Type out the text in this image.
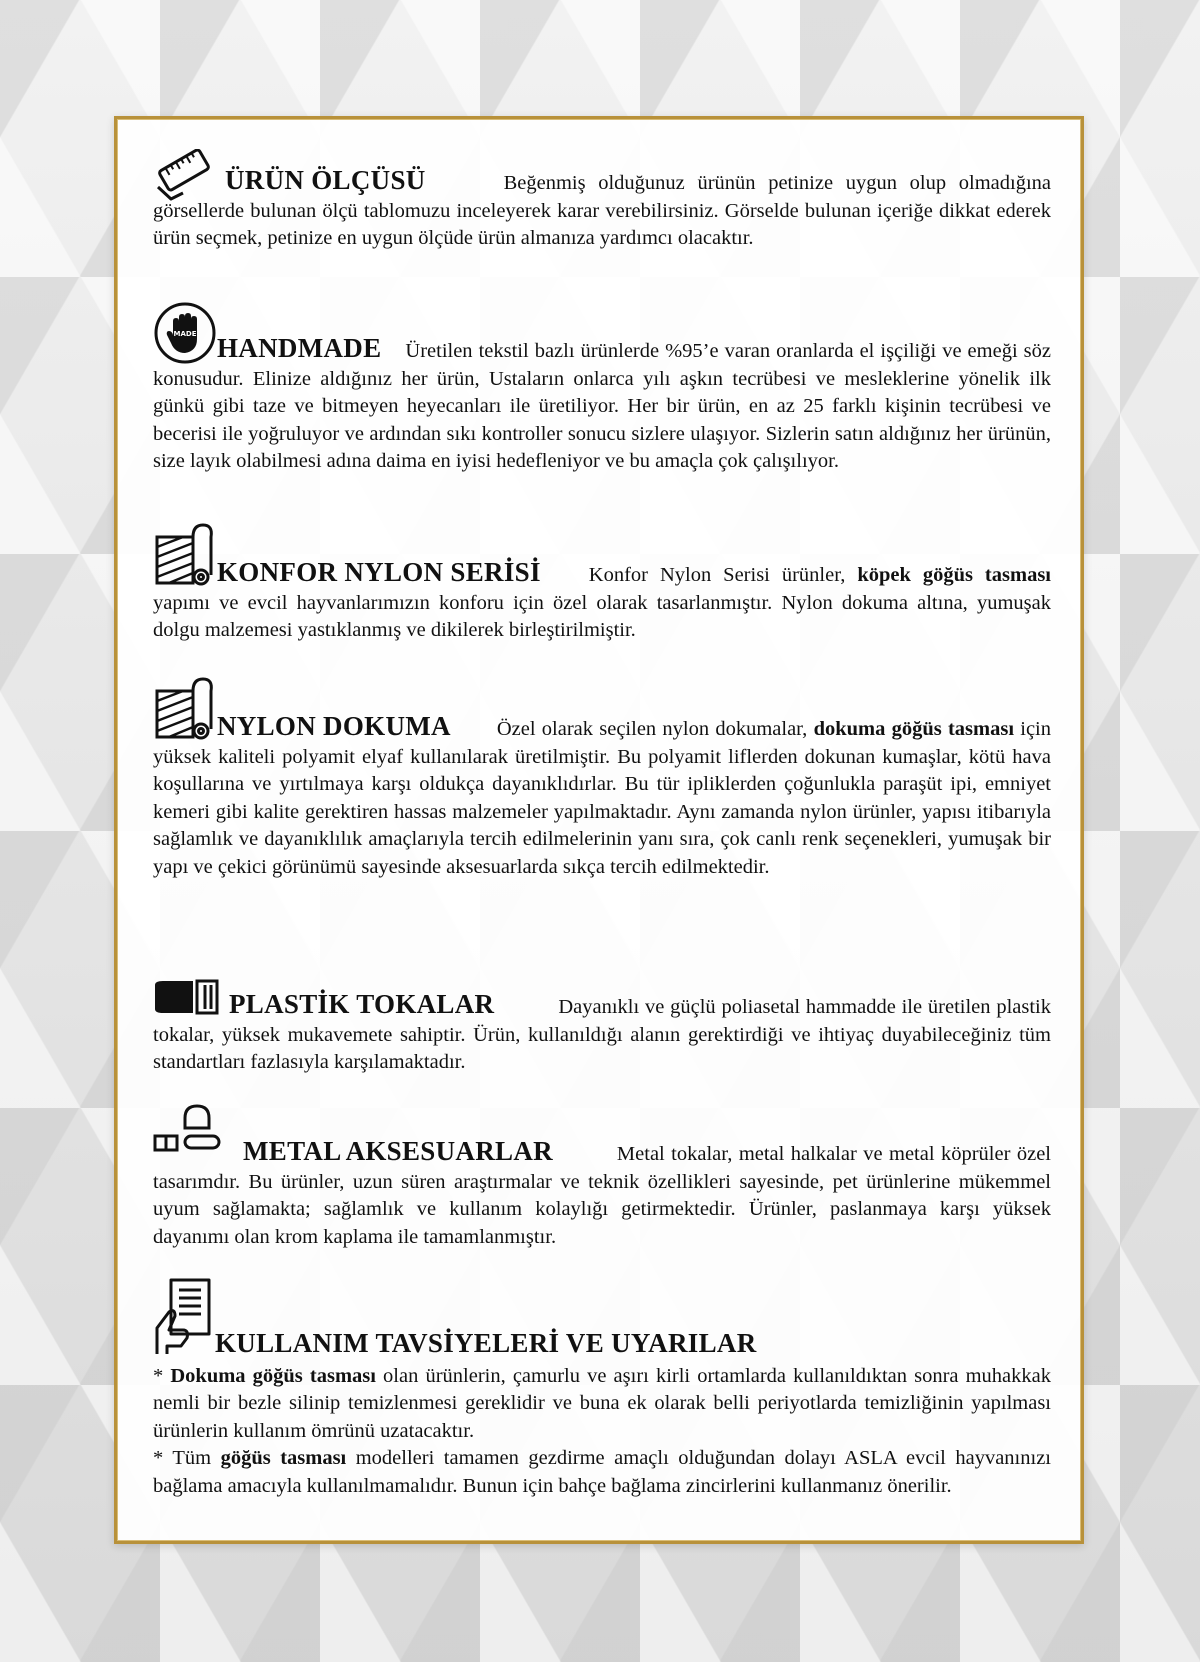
ÜRÜN ÖLÇÜSÜ	Beğenmiş olduğunuz ürünün petinize uygun olup olmadığına görsellerde bulunan ölçü tablomuzu inceleyerek karar verebilirsiniz. Görselde bulunan içeriğe dikkat ederek ürün seçmek, petinize en uygun ölçüde ürün almanıza yardımcı olacaktır.

MADE HANDMADE Üretilen tekstil bazlı ürünlerde %95’e varan oranlarda el işçiliği ve emeği söz konusudur. Elinize aldığınız her ürün, Ustaların onlarca yılı aşkın tecrübesi ve mesleklerine yönelik ilk günkü gibi taze ve bitmeyen heyecanları ile üretiliyor. Her bir ürün, en az 25 farklı kişinin tecrübesi ve becerisi ile yoğruluyor ve ardından sıkı kontroller sonucu sizlere ulaşıyor. Sizlerin satın aldığınız her ürünün, size layık olabilmesi adına daima en iyisi hedefleniyor ve bu amaçla çok çalışılıyor.

KONFOR NYLON SERİSİ Konfor Nylon Serisi ürünler, köpek göğüs tasması yapımı ve evcil hayvanlarımızın konforu için özel olarak tasarlanmıştır. Nylon dokuma altına, yumuşak dolgu malzemesi yastıklanmış ve dikilerek birleştirilmiştir.

NYLON DOKUMA Özel olarak seçilen nylon dokumalar, dokuma göğüs tasması için yüksek kaliteli polyamit elyaf kullanılarak üretilmiştir. Bu polyamit liflerden dokunan kumaşlar, kötü hava koşullarına ve yırtılmaya karşı oldukça dayanıklıdırlar. Bu tür ipliklerden çoğunlukla paraşüt ipi, emniyet kemeri gibi kalite gerektiren hassas malzemeler yapılmaktadır. Aynı zamanda nylon ürünler, yapısı itibarıyla sağlamlık ve dayanıklılık amaçlarıyla tercih edilmelerinin yanı sıra, çok canlı renk seçenekleri, yumuşak bir yapı ve çekici görünümü sayesinde aksesuarlarda sıkça tercih edilmektedir.

PLASTİK TOKALAR	Dayanıklı ve güçlü poliasetal hammadde ile üretilen plastik tokalar, yüksek mukavemete sahiptir. Ürün, kullanıldığı alanın gerektirdiği ve ihtiyaç duyabileceğiniz tüm standartları fazlasıyla karşılamaktadır.

METAL AKSESUARLAR	Metal tokalar, metal halkalar ve metal köprüler özel tasarımdır. Bu ürünler, uzun süren araştırmalar ve teknik özellikleri sayesinde, pet ürünlerine mükemmel uyum sağlamakta; sağlamlık ve kullanım kolaylığı getirmektedir. Ürünler, paslanmaya karşı yüksek dayanımı olan krom kaplama ile tamamlanmıştır.

KULLANIM TAVSİYELERİ VE UYARILAR

* Dokuma göğüs tasması olan ürünlerin, çamurlu ve aşırı kirli ortamlarda kullanıldıktan sonra muhakkak nemli bir bezle silinip temizlenmesi gereklidir ve buna ek olarak belli periyotlarda temizliğinin yapılması ürünlerin kullanım ömrünü uzatacaktır.

* Tüm göğüs tasması modelleri tamamen gezdirme amaçlı olduğundan dolayı ASLA evcil hayvanınızı bağlama amacıyla kullanılmamalıdır. Bunun için bahçe bağlama zincirlerini kullanmanız önerilir.
